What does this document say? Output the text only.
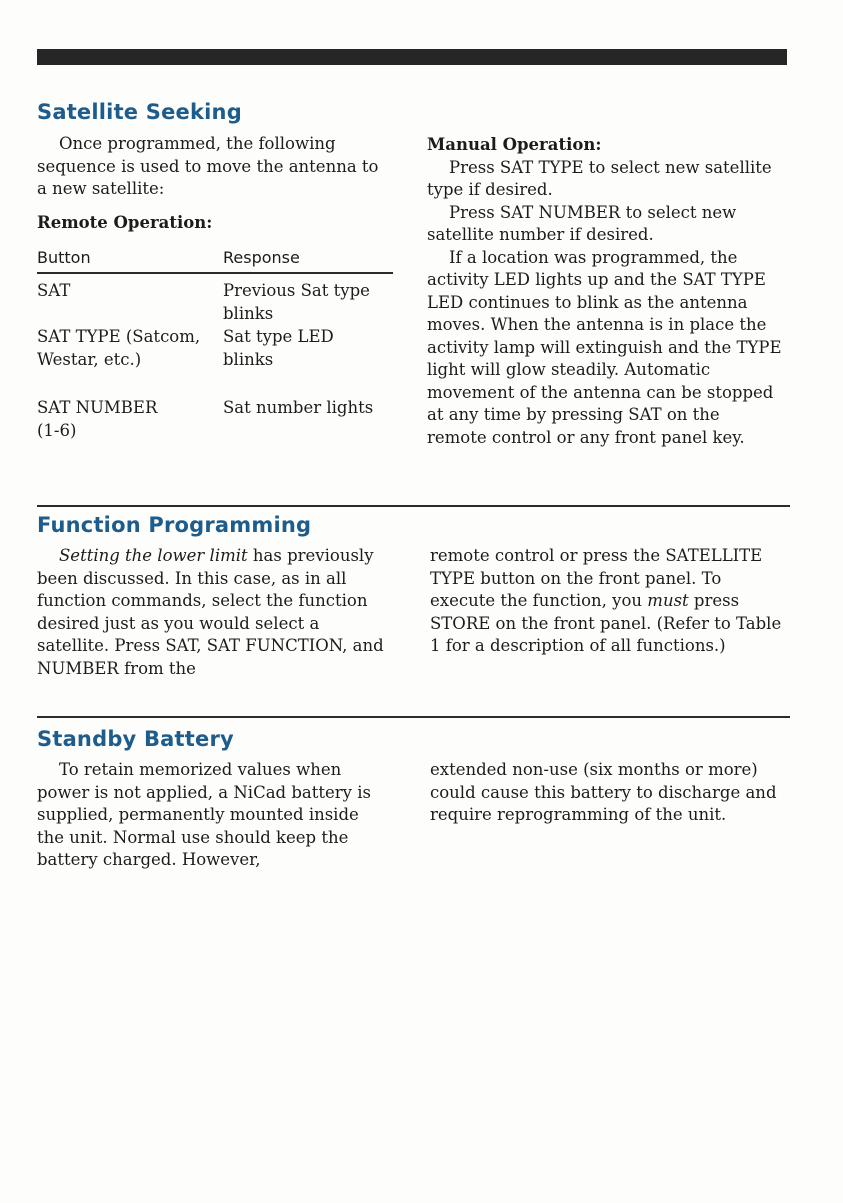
Satellite Seeking

Once programmed, the following sequence is used to move the antenna to a new satellite:

Remote Operation:

Button	Response
SAT	Previous Sat type blinks
SAT TYPE (Satcom, Westar, etc.)
Sat type LED blinks
SAT NUMBER (1-6)
Sat number lights

Manual Operation:

Press SAT TYPE to select new satellite type if desired.

Press SAT NUMBER to select new satellite number if desired.

If a location was programmed, the activity LED lights up and the SAT TYPE LED continues to blink as the antenna moves. When the antenna is in place the activity lamp will extinguish and the TYPE light will glow steadily. Automatic movement of the antenna can be stopped at any time by pressing SAT on the remote control or any front panel key.

Function Programming

Setting the lower limit has previously been discussed. In this case, as in all function commands, select the function desired just as you would select a satellite. Press SAT, SAT FUNCTION, and NUMBER from the

remote control or press the SATELLITE TYPE button on the front panel. To execute the function, you must press STORE on the front panel. (Refer to Table 1 for a description of all functions.)

Standby Battery

To retain memorized values when power is not applied, a NiCad battery is supplied, permanently mounted inside the unit. Normal use should keep the battery charged. However,

extended non-use (six months or more) could cause this battery to discharge and require reprogramming of the unit.
